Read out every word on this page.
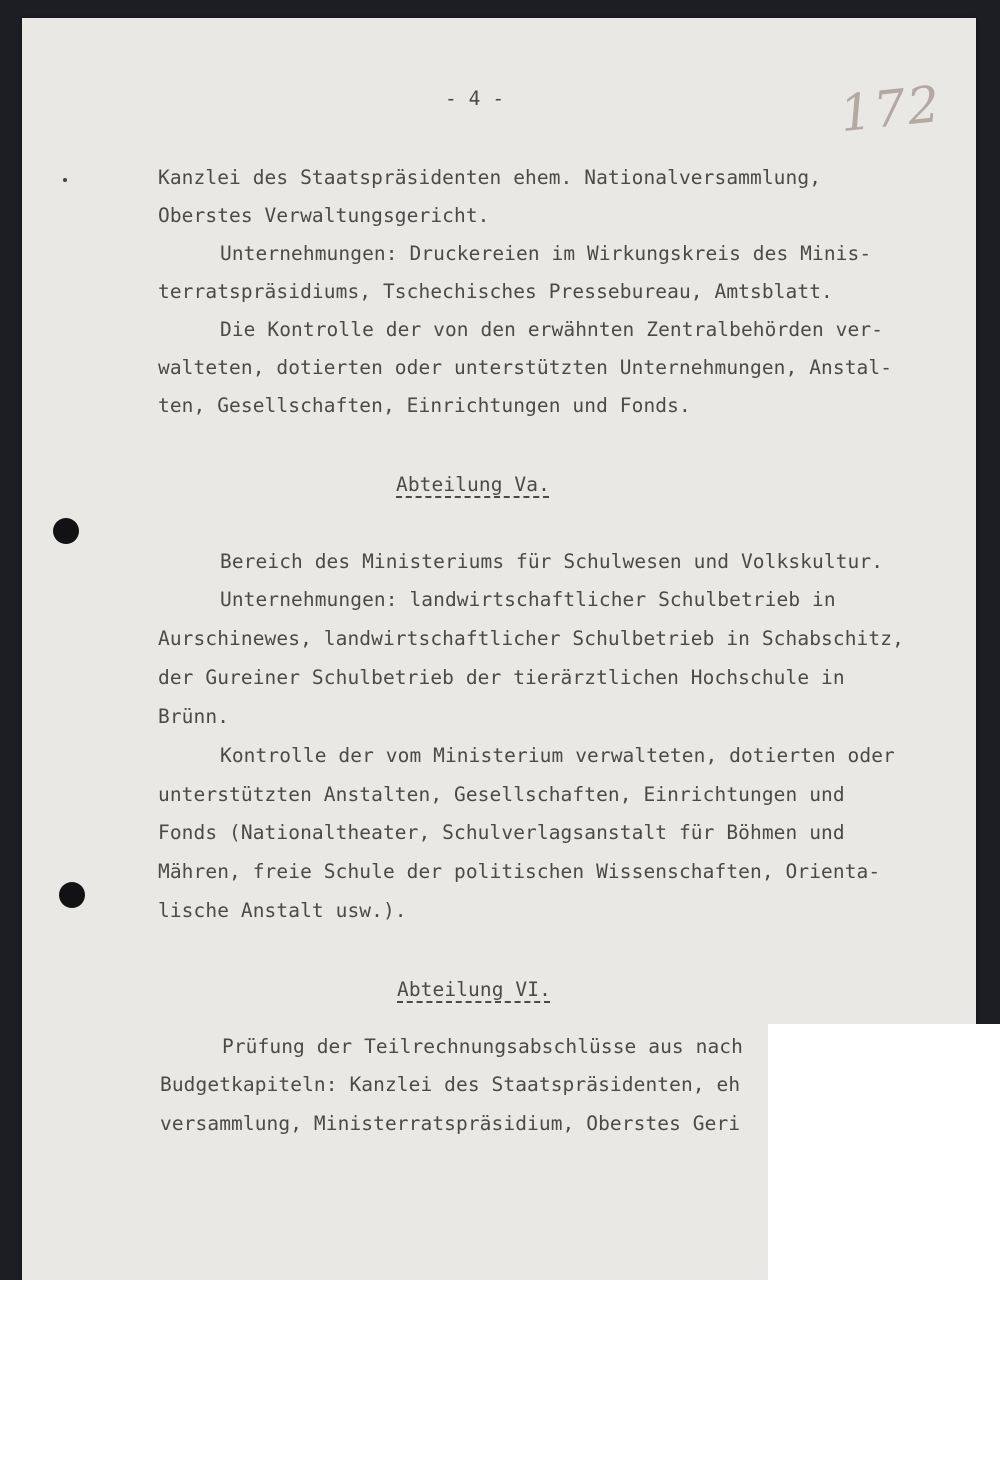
172
- 4 -
Kanzlei des Staatspräsidenten ehem. Nationalversammlung,
Oberstes Verwaltungsgericht.
Unternehmungen: Druckereien im Wirkungskreis des Minis-
terratspräsidiums, Tschechisches Pressebureau, Amtsblatt.
Die Kontrolle der von den erwähnten Zentralbehörden ver-
walteten, dotierten oder unterstützten Unternehmungen, Anstal-
ten, Gesellschaften, Einrichtungen und Fonds.
Abteilung Va.
Bereich des Ministeriums für Schulwesen und Volkskultur.
Unternehmungen: landwirtschaftlicher Schulbetrieb in
Aurschinewes, landwirtschaftlicher Schulbetrieb in Schabschitz,
der Gureiner Schulbetrieb der tierärztlichen Hochschule in
Brünn.
Kontrolle der vom Ministerium verwalteten, dotierten oder
unterstützten Anstalten, Gesellschaften, Einrichtungen und
Fonds (Nationaltheater, Schulverlagsanstalt für Böhmen und
Mähren, freie Schule der politischen Wissenschaften, Orienta-
lische Anstalt usw.).
Abteilung VI.
Prüfung der Teilrechnungsabschlüsse aus nach
Budgetkapiteln: Kanzlei des Staatspräsidenten, eh
versammlung, Ministerratspräsidium, Oberstes Geri
